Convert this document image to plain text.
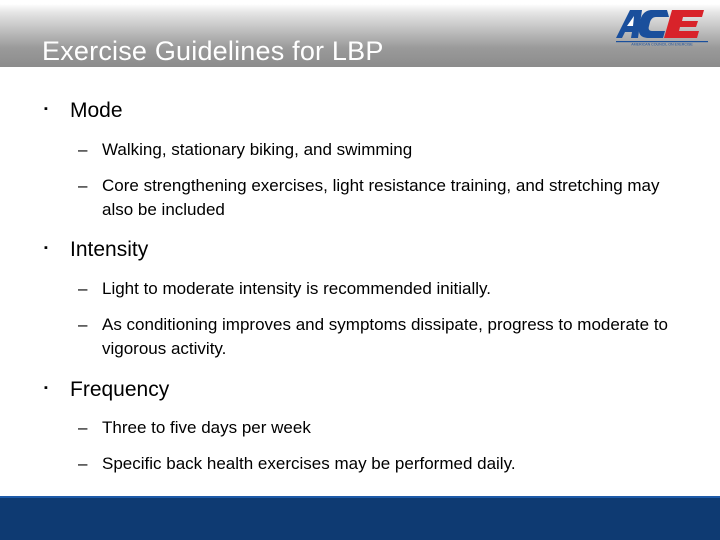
Exercise Guidelines for LBP	AMERICAN COUNCIL ON EXERCISE
▪ Mode
– Walking, stationary biking, and swimming
– Core strengthening exercises, light resistance training, and stretching may also be included
▪ Intensity
– Light to moderate intensity is recommended initially.
– As conditioning improves and symptoms dissipate, progress to moderate to vigorous activity.
▪ Frequency
– Three to five days per week
– Specific back health exercises may be performed daily.
